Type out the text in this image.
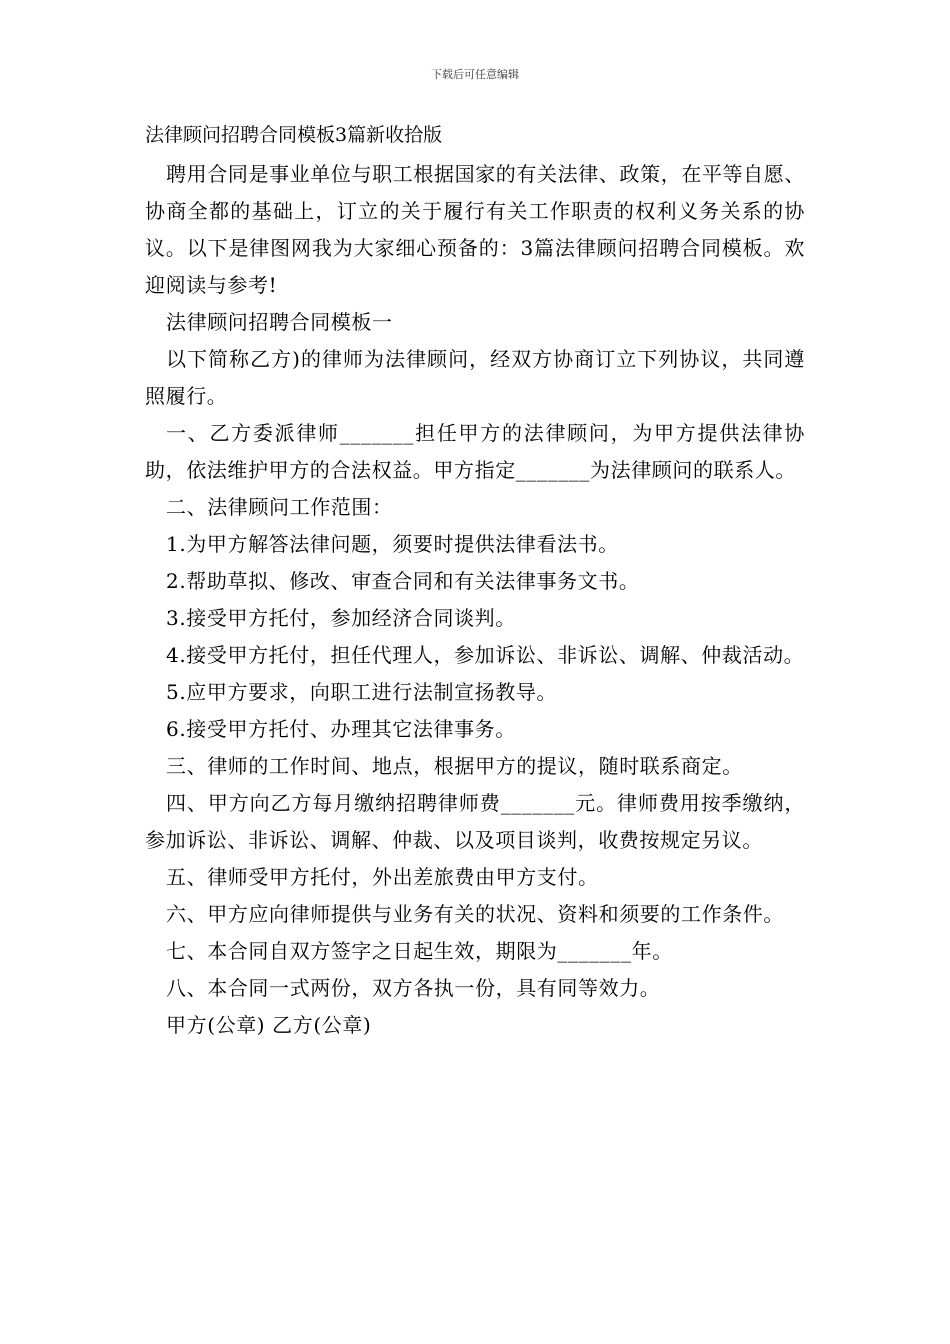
下载后可任意编辑
法律顾问招聘合同模板3篇新收拾版

聘用合同是事业单位与职工根据国家的有关法律、政策，在平等自愿、协商全都的基础上，订立的关于履行有关工作职责的权利义务关系的协议。以下是律图网我为大家细心预备的：3篇法律顾问招聘合同模板。欢迎阅读与参考!

法律顾问招聘合同模板一

以下简称乙方)的律师为法律顾问，经双方协商订立下列协议，共同遵照履行。

一、乙方委派律师_______担任甲方的法律顾问，为甲方提供法律协助，依法维护甲方的合法权益。甲方指定_______为法律顾问的联系人。

二、法律顾问工作范围：

1.为甲方解答法律问题，须要时提供法律看法书。

2.帮助草拟、修改、审查合同和有关法律事务文书。

3.接受甲方托付，参加经济合同谈判。

4.接受甲方托付，担任代理人，参加诉讼、非诉讼、调解、仲裁活动。

5.应甲方要求，向职工进行法制宣扬教导。

6.接受甲方托付、办理其它法律事务。

三、律师的工作时间、地点，根据甲方的提议，随时联系商定。

四、甲方向乙方每月缴纳招聘律师费_______元。律师费用按季缴纳，参加诉讼、非诉讼、调解、仲裁、以及项目谈判，收费按规定另议。

五、律师受甲方托付，外出差旅费由甲方支付。

六、甲方应向律师提供与业务有关的状况、资料和须要的工作条件。

七、本合同自双方签字之日起生效，期限为_______年。

八、本合同一式两份，双方各执一份，具有同等效力。

甲方(公章) 乙方(公章)
